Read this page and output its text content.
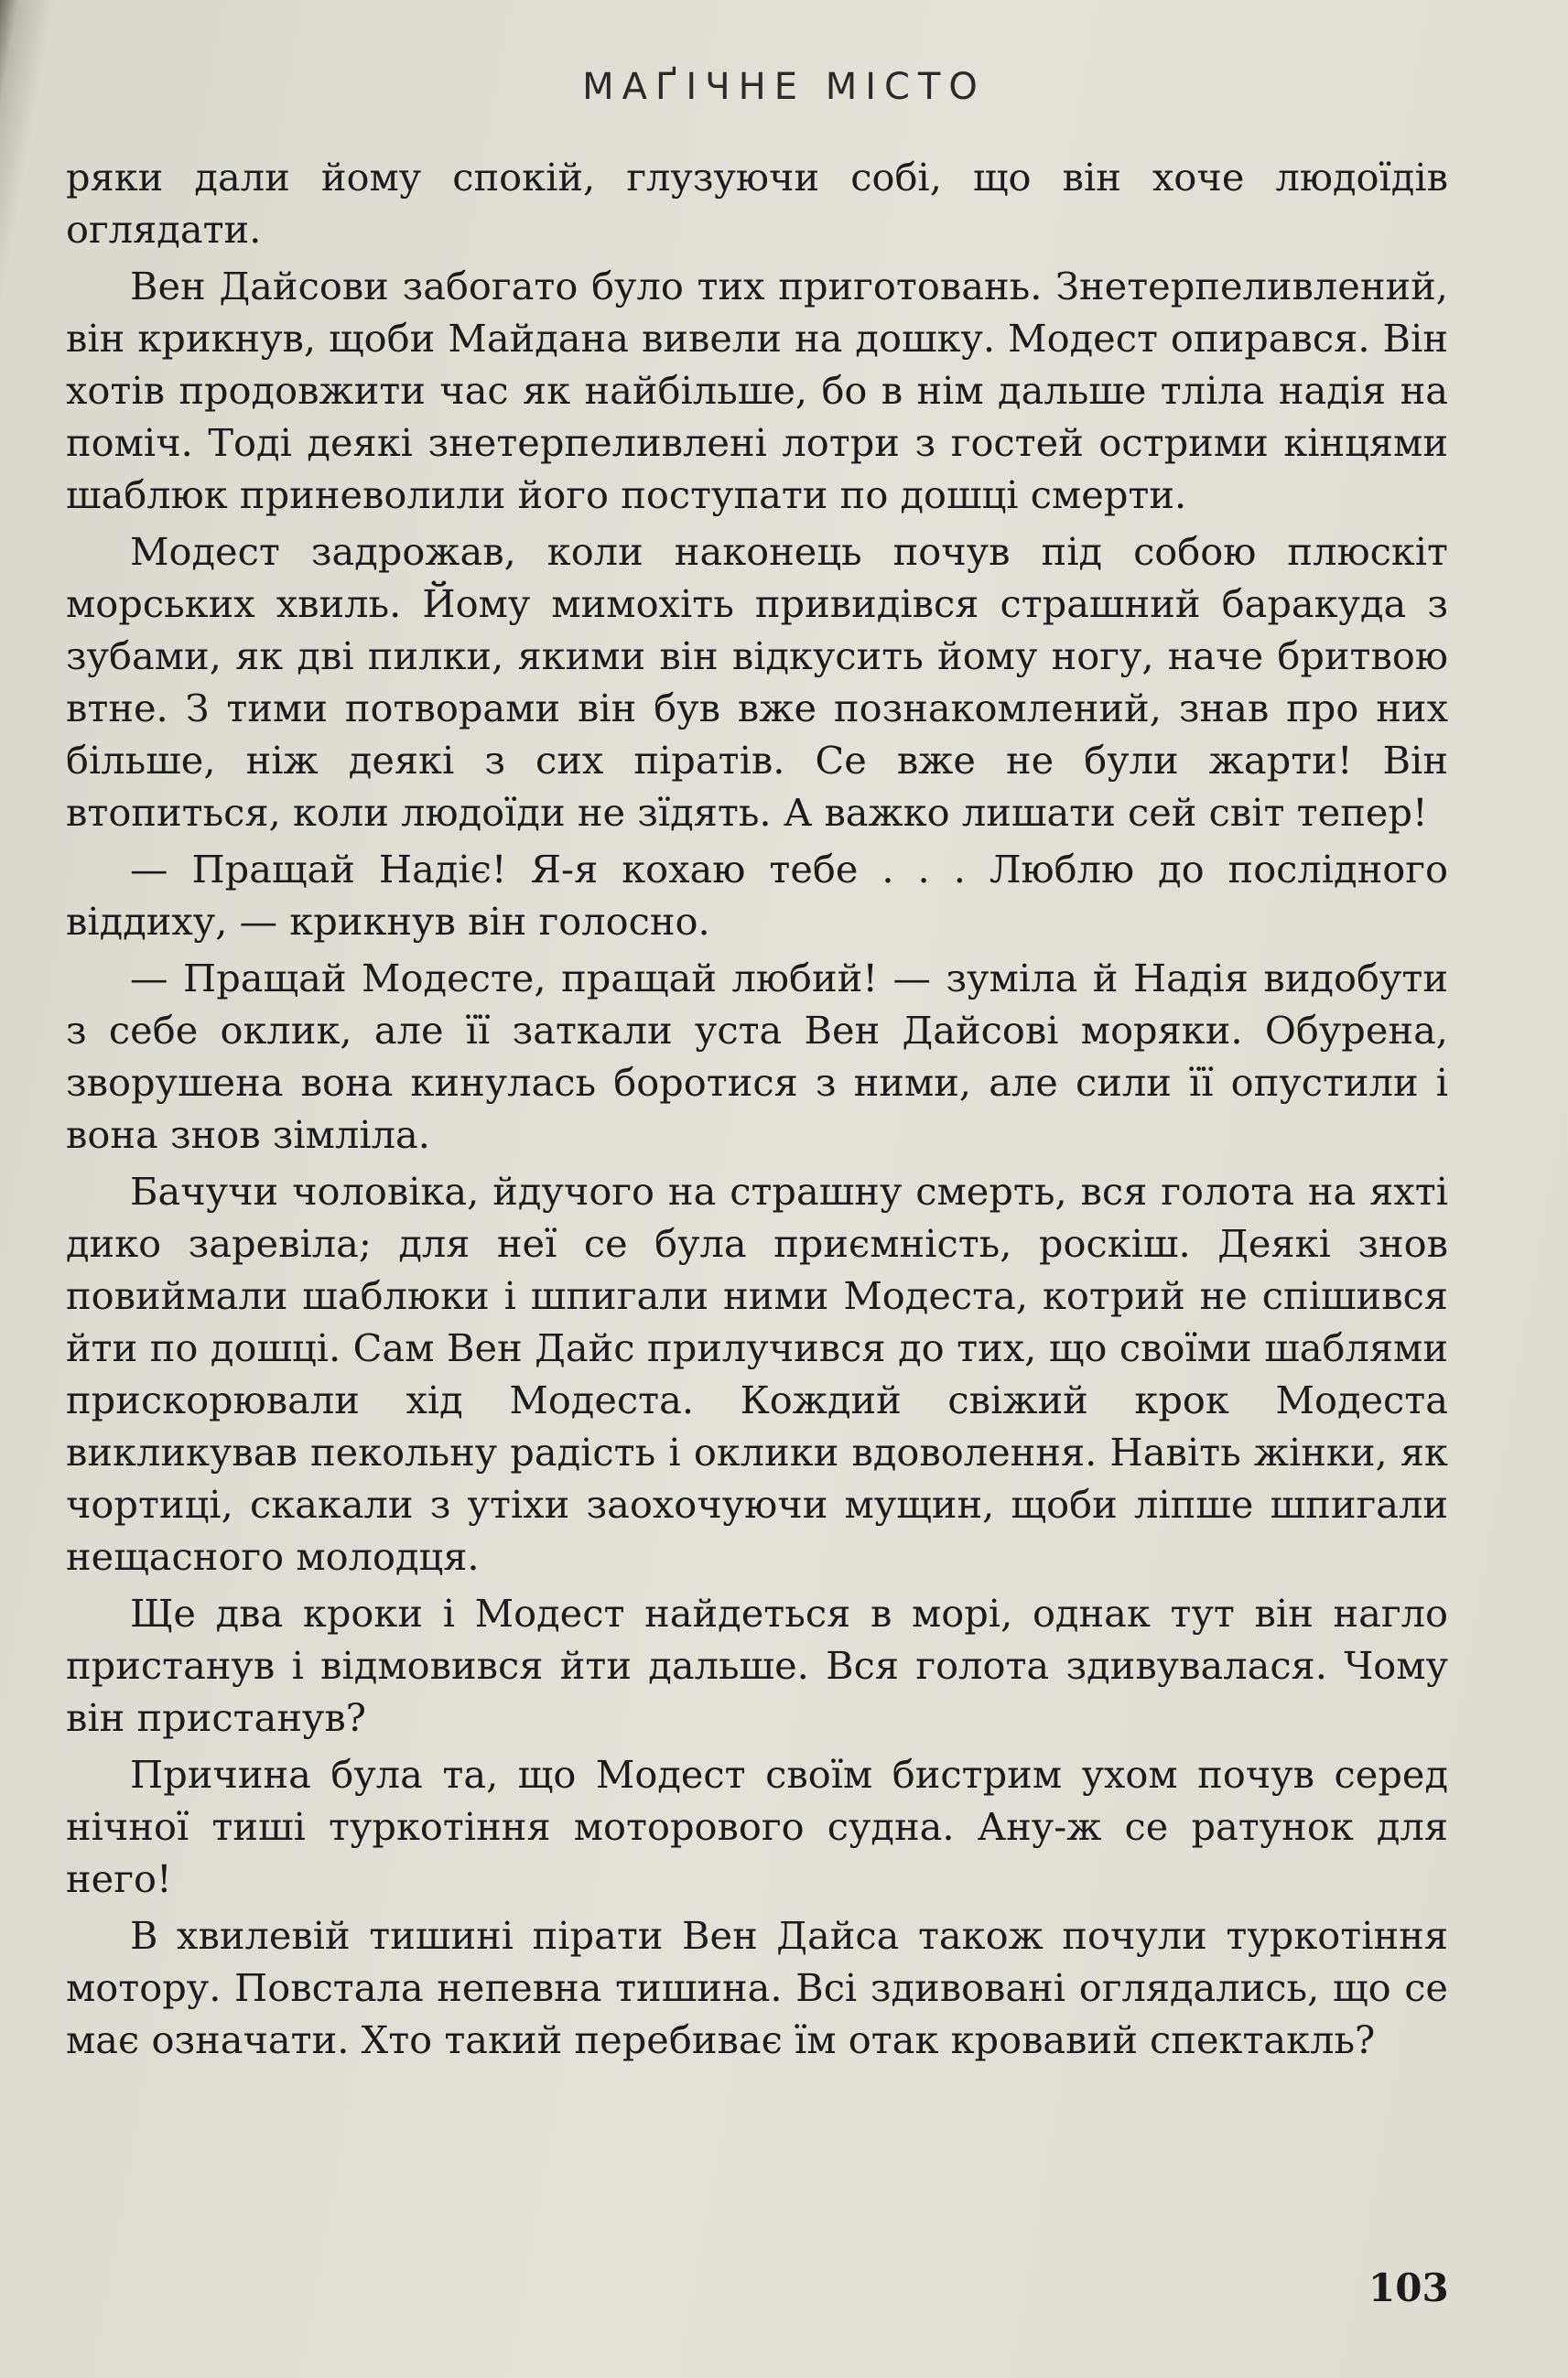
МАҐІЧНЕ МІСТО

ряки дали йому спокій, глузуючи собі, що він хоче людоїдів оглядати.

Вен Дайсови забогато було тих приготовань. Знетерпеливлений, він крикнув, щоби Майдана вивели на дошку. Модест опирався. Він хотів продовжити час як найбільше, бо в нім дальше тліла надія на поміч. Тоді деякі знетерпеливлені лотри з гостей острими кінцями шаблюк приневолили його поступати по дошці смерти.

Модест задрожав, коли наконець почув під собою плюскіт морських хвиль. Йому мимохіть привидівся страшний баракуда з зубами, як дві пилки, якими він відкусить йому ногу, наче бритвою втне. З тими потворами він був вже познакомлений, знав про них більше, ніж деякі з сих піратів. Се вже не були жарти! Він втопиться, коли людоїди не зїдять. А важко лишати сей світ тепер!

— Пращай Надіє! Я-я кохаю тебе . . . Люблю до послідного віддиху, — крикнув він голосно.

— Пращай Модесте, пращай любий! — зуміла й Надія видобути з себе оклик, але її заткали уста Вен Дайсові моряки. Обурена, зворушена вона кинулась боротися з ними, але сили її опустили і вона знов зімліла.

Бачучи чоловіка, йдучого на страшну смерть, вся голота на яхті дико заревіла; для неї се була приємність, роскіш. Деякі знов повиймали шаблюки і шпигали ними Модеста, котрий не спішився йти по дошці. Сам Вен Дайс прилучився до тих, що своїми шаблями прискорювали хід Модеста. Кождий свіжий крок Модеста викликував пекольну радість і оклики вдоволення. Навіть жінки, як чортиці, скакали з утіхи заохочуючи мущин, щоби ліпше шпигали нещасного молодця.

Ще два кроки і Модест найдеться в морі, однак тут він нагло пристанув і відмовився йти дальше. Вся голота здивувалася. Чому він пристанув?

Причина була та, що Модест своїм бистрим ухом почув серед нічної тиші туркотіння моторового судна. Ану-ж се ратунок для него!

В хвилевій тишині пірати Вен Дайса також почули туркотіння мотору. Повстала непевна тишина. Всі здивовані оглядались, що се має означати. Хто такий перебиває їм отак кровавий спектакль?

103
